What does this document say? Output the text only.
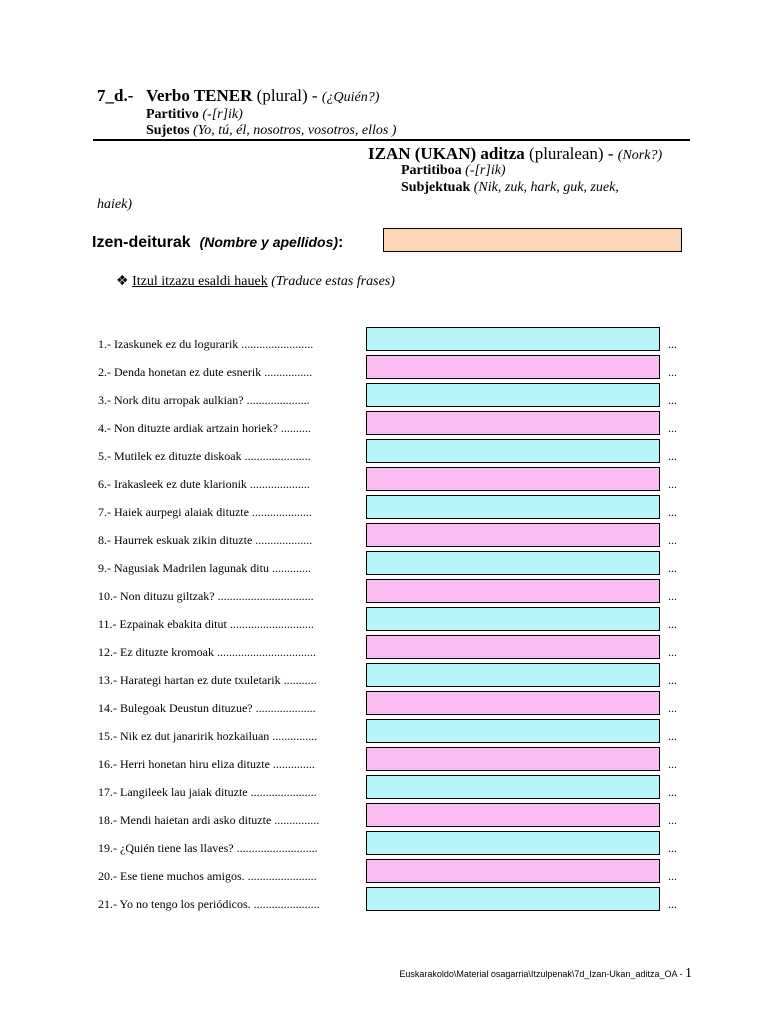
7_d.- Verbo TENER (plural) - (¿Quién?)
Partitivo (-[r]ik)
Sujetos (Yo, tú, él, nosotros, vosotros, ellos )
IZAN (UKAN) aditza (pluralean) - (Nork?)
Partitiboa (-[r]ik)
Subjektuak (Nik, zuk, hark, guk, zuek,
haiek)
Izen-deiturak (Nombre y apellidos):
❖ Itzul itzazu esaldi hauek (Traduce estas frases)
1.- Izaskunek ez du logurarik ........................	...
2.- Denda honetan ez dute esnerik ................	...
3.- Nork ditu arropak aulkian? .....................	...
4.- Non dituzte ardiak artzain horiek? ..........	...
5.- Mutilek ez dituzte diskoak ......................	...
6.- Irakasleek ez dute klarionik ....................	...
7.- Haiek aurpegi alaiak dituzte ....................	...
8.- Haurrek eskuak zikin dituzte ...................	...
9.- Nagusiak Madrilen lagunak ditu .............	...
10.- Non dituzu giltzak? ................................	...
11.- Ezpainak ebakita ditut ............................	...
12.- Ez dituzte kromoak .................................	...
13.- Harategi hartan ez dute txuletarik ...........	...
14.- Bulegoak Deustun dituzue? ....................	...
15.- Nik ez dut janaririk hozkailuan ...............	...
16.- Herri honetan hiru eliza dituzte ..............	...
17.- Langileek lau jaiak dituzte ......................	...
18.- Mendi haietan ardi asko dituzte ...............	...
19.- ¿Quién tiene las llaves? ...........................	...
20.- Ese tiene muchos amigos. .......................	...
21.- Yo no tengo los periódicos. ......................	...
Euskarakoldo\Material osagarria\Itzulpenak\7d_Izan-Ukan_aditza_OA - 1
